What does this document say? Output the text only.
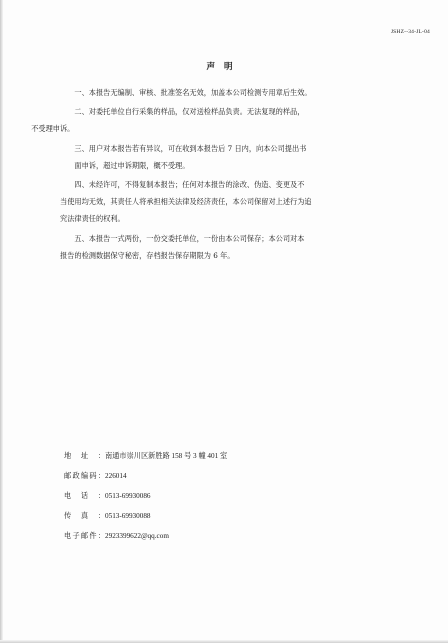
JSHZ--34-JL-04
声明

一、本报告无编制、审核、批准签名无效，加盖本公司检测专用章后生效。

二、对委托单位自行采集的样品，仅对送检样品负责。无法复现的样品，
不受理申诉。

三、用户对本报告若有异议，可在收到本报告后 7 日内，向本公司提出书
面申诉，超过申诉期限，概不受理。

四、未经许可，不得复制本报告；任何对本报告的涂改、伪造、变更及不
当使用均无效，其责任人将承担相关法律及经济责任，本公司保留对上述行为追
究法律责任的权利。

五、本报告一式两份，一份交委托单位，一份由本公司保存；本公司对本
报告的检测数据保守秘密，存档报告保存期限为 6 年。

地址： 南通市崇川区新胜路 158 号 3 幢 401 室
邮政编码： 226014
电话： 0513-69930086
传真： 0513-69930088
电子邮件： 2923399622@qq.com
